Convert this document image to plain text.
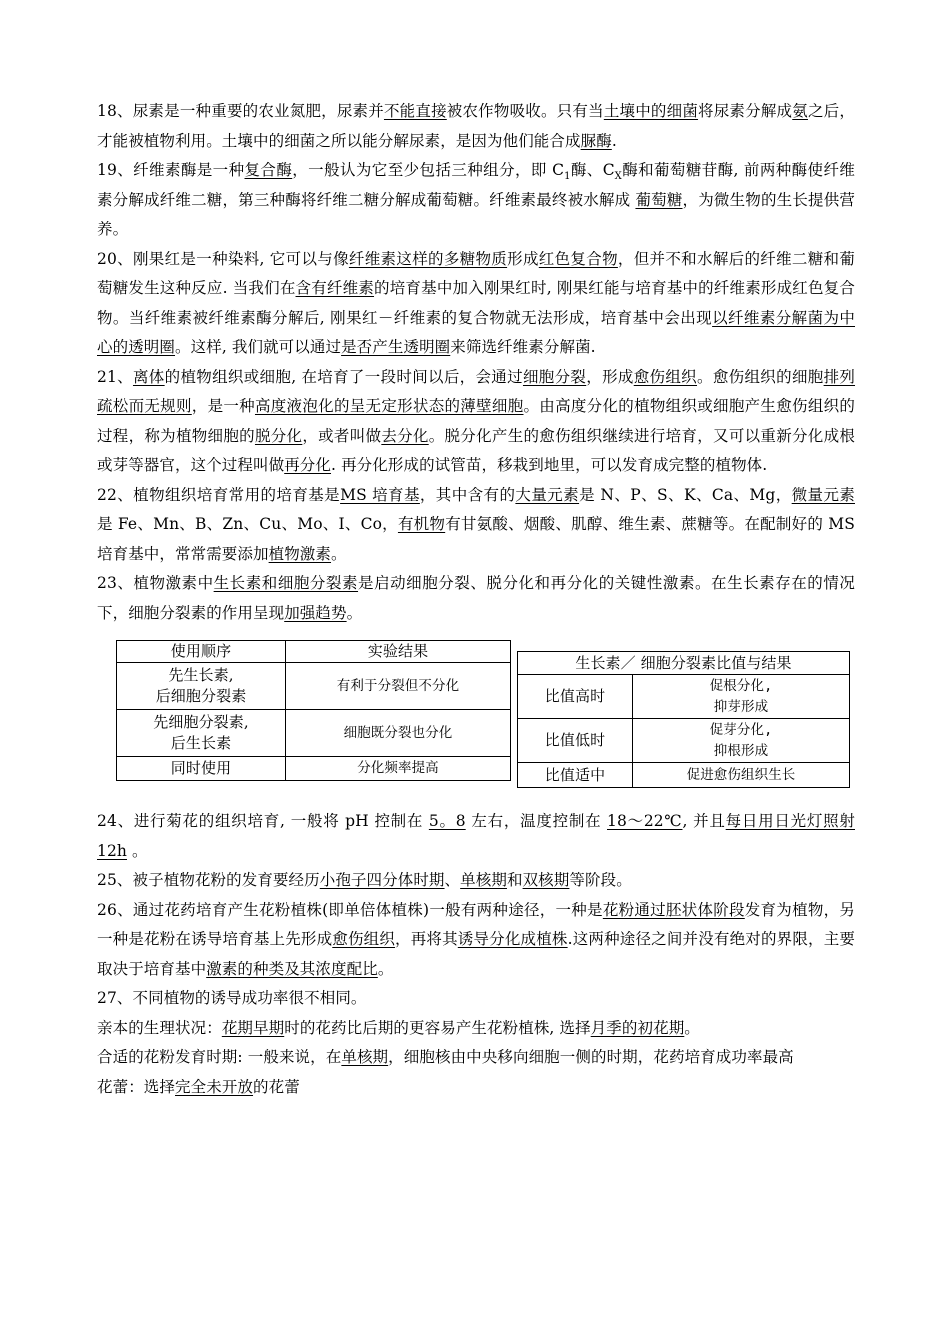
18、尿素是一种重要的农业氮肥，尿素并不能直接被农作物吸收。只有当土壤中的细菌将尿素分解成氨之后，才能被植物利用。土壤中的细菌之所以能分解尿素，是因为他们能合成脲酶.

19、纤维素酶是一种复合酶，一般认为它至少包括三种组分，即 $C_1$酶、$C_X$酶和葡萄糖苷酶, 前两种酶使纤维素分解成纤维二糖，第三种酶将纤维二糖分解成葡萄糖。纤维素最终被水解成 葡萄糖，为微生物的生长提供营养。

20、刚果红是一种染料, 它可以与像纤维素这样的多糖物质形成红色复合物，但并不和水解后的纤维二糖和葡萄糖发生这种反应. 当我们在含有纤维素的培育基中加入刚果红时, 刚果红能与培育基中的纤维素形成红色复合物。当纤维素被纤维素酶分解后, 刚果红－纤维素的复合物就无法形成，培育基中会出现以纤维素分解菌为中心的透明圈。这样, 我们就可以通过是否产生透明圈来筛选纤维素分解菌.

21、离体的植物组织或细胞, 在培育了一段时间以后，会通过细胞分裂，形成愈伤组织。愈伤组织的细胞排列疏松而无规则，是一种高度液泡化的呈无定形状态的薄壁细胞。由高度分化的植物组织或细胞产生愈伤组织的过程，称为植物细胞的脱分化，或者叫做去分化。脱分化产生的愈伤组织继续进行培育，又可以重新分化成根或芽等器官，这个过程叫做再分化. 再分化形成的试管苗，移栽到地里，可以发育成完整的植物体.

22、植物组织培育常用的培育基是MS 培育基，其中含有的大量元素是 N、P、S、K、Ca、Mg，微量元素是 Fe、Mn、B、Zn、Cu、Mo、I、Co，有机物有甘氨酸、烟酸、肌醇、维生素、蔗糖等。在配制好的 MS 培育基中，常常需要添加植物激素。

23、植物激素中生长素和细胞分裂素是启动细胞分裂、脱分化和再分化的关键性激素。在生长素存在的情况下，细胞分裂素的作用呈现加强趋势。

使用顺序	实验结果
先生长素,
后细胞分裂素	有利于分裂但不分化
先细胞分裂素,
后生长素	细胞既分裂也分化
同时使用	分化频率提高
生长素／ 细胞分裂素比值与结果	
比值高时	促根分化,
抑芽形成
比值低时	促芽分化,
抑根形成
比值适中	促进愈伤组织生长

24、进行菊花的组织培育, 一般将 pH 控制在 5。8 左右，温度控制在 18～22℃, 并且每日用日光灯照射 12h 。

25、被子植物花粉的发育要经历小孢子四分体时期、单核期和双核期等阶段。

26、通过花药培育产生花粉植株(即单倍体植株)一般有两种途径，一种是花粉通过胚状体阶段发育为植物，另一种是花粉在诱导培育基上先形成愈伤组织，再将其诱导分化成植株.这两种途径之间并没有绝对的界限，主要取决于培育基中激素的种类及其浓度配比。

27、不同植物的诱导成功率很不相同。

亲本的生理状况：花期早期时的花药比后期的更容易产生花粉植株, 选择月季的初花期。

合适的花粉发育时期: 一般来说，在单核期，细胞核由中央移向细胞一侧的时期，花药培育成功率最高

花蕾：选择完全未开放的花蕾
